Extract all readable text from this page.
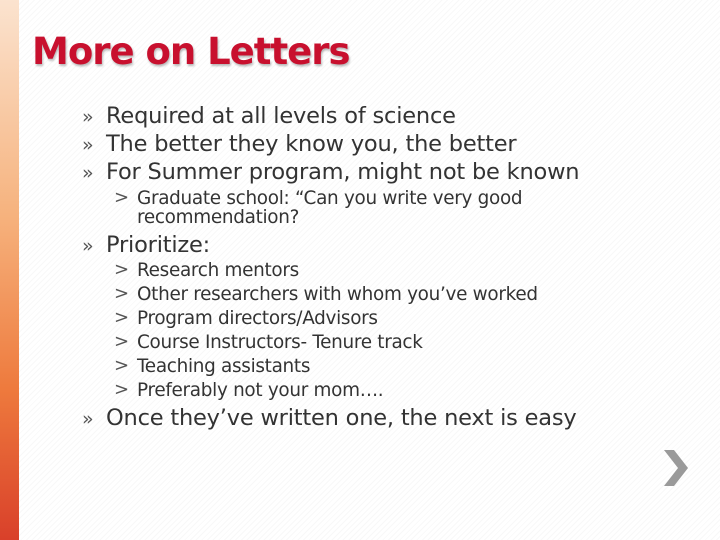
More on Letters
» Required at all levels of science
» The better they know you, the better
» For Summer program, might not be known
> Graduate school: “Can you write very good
recommendation?
» Prioritize:
> Research mentors
> Other researchers with whom you’ve worked
> Program directors/Advisors
> Course Instructors- Tenure track
> Teaching assistants
> Preferably not your mom….
» Once they’ve written one, the next is easy
